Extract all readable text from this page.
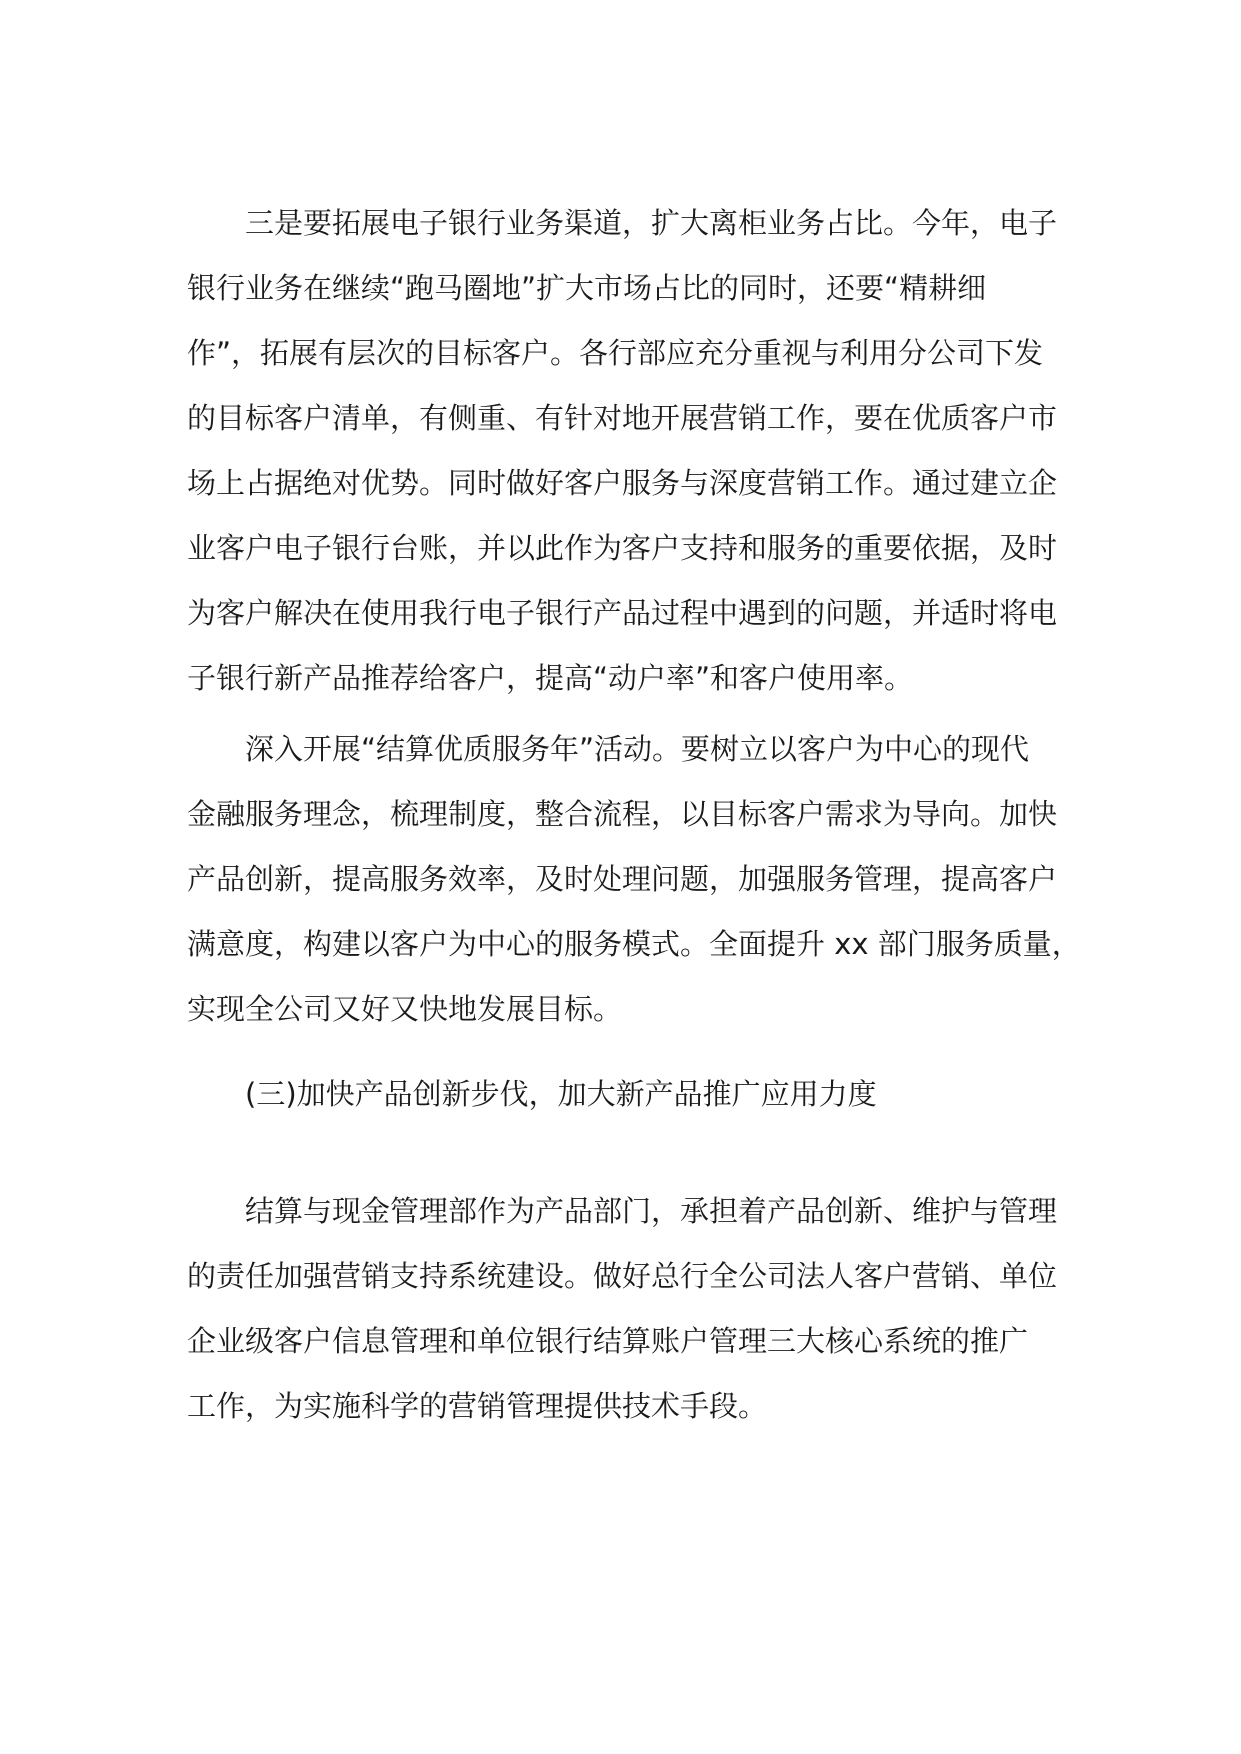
三是要拓展电子银行业务渠道，扩大离柜业务占比。今年，电子
银行业务在继续“跑马圈地”扩大市场占比的同时，还要“精耕细
作”，拓展有层次的目标客户。各行部应充分重视与利用分公司下发
的目标客户清单，有侧重、有针对地开展营销工作，要在优质客户市
场上占据绝对优势。同时做好客户服务与深度营销工作。通过建立企
业客户电子银行台账，并以此作为客户支持和服务的重要依据，及时
为客户解决在使用我行电子银行产品过程中遇到的问题，并适时将电
子银行新产品推荐给客户，提高“动户率”和客户使用率。
深入开展“结算优质服务年”活动。要树立以客户为中心的现代
金融服务理念，梳理制度，整合流程，以目标客户需求为导向。加快
产品创新，提高服务效率，及时处理问题，加强服务管理，提高客户
满意度，构建以客户为中心的服务模式。全面提升 xx 部门服务质量，
实现全公司又好又快地发展目标。
(三)加快产品创新步伐，加大新产品推广应用力度
结算与现金管理部作为产品部门，承担着产品创新、维护与管理
的责任加强营销支持系统建设。做好总行全公司法人客户营销、单位
企业级客户信息管理和单位银行结算账户管理三大核心系统的推广
工作，为实施科学的营销管理提供技术手段。
